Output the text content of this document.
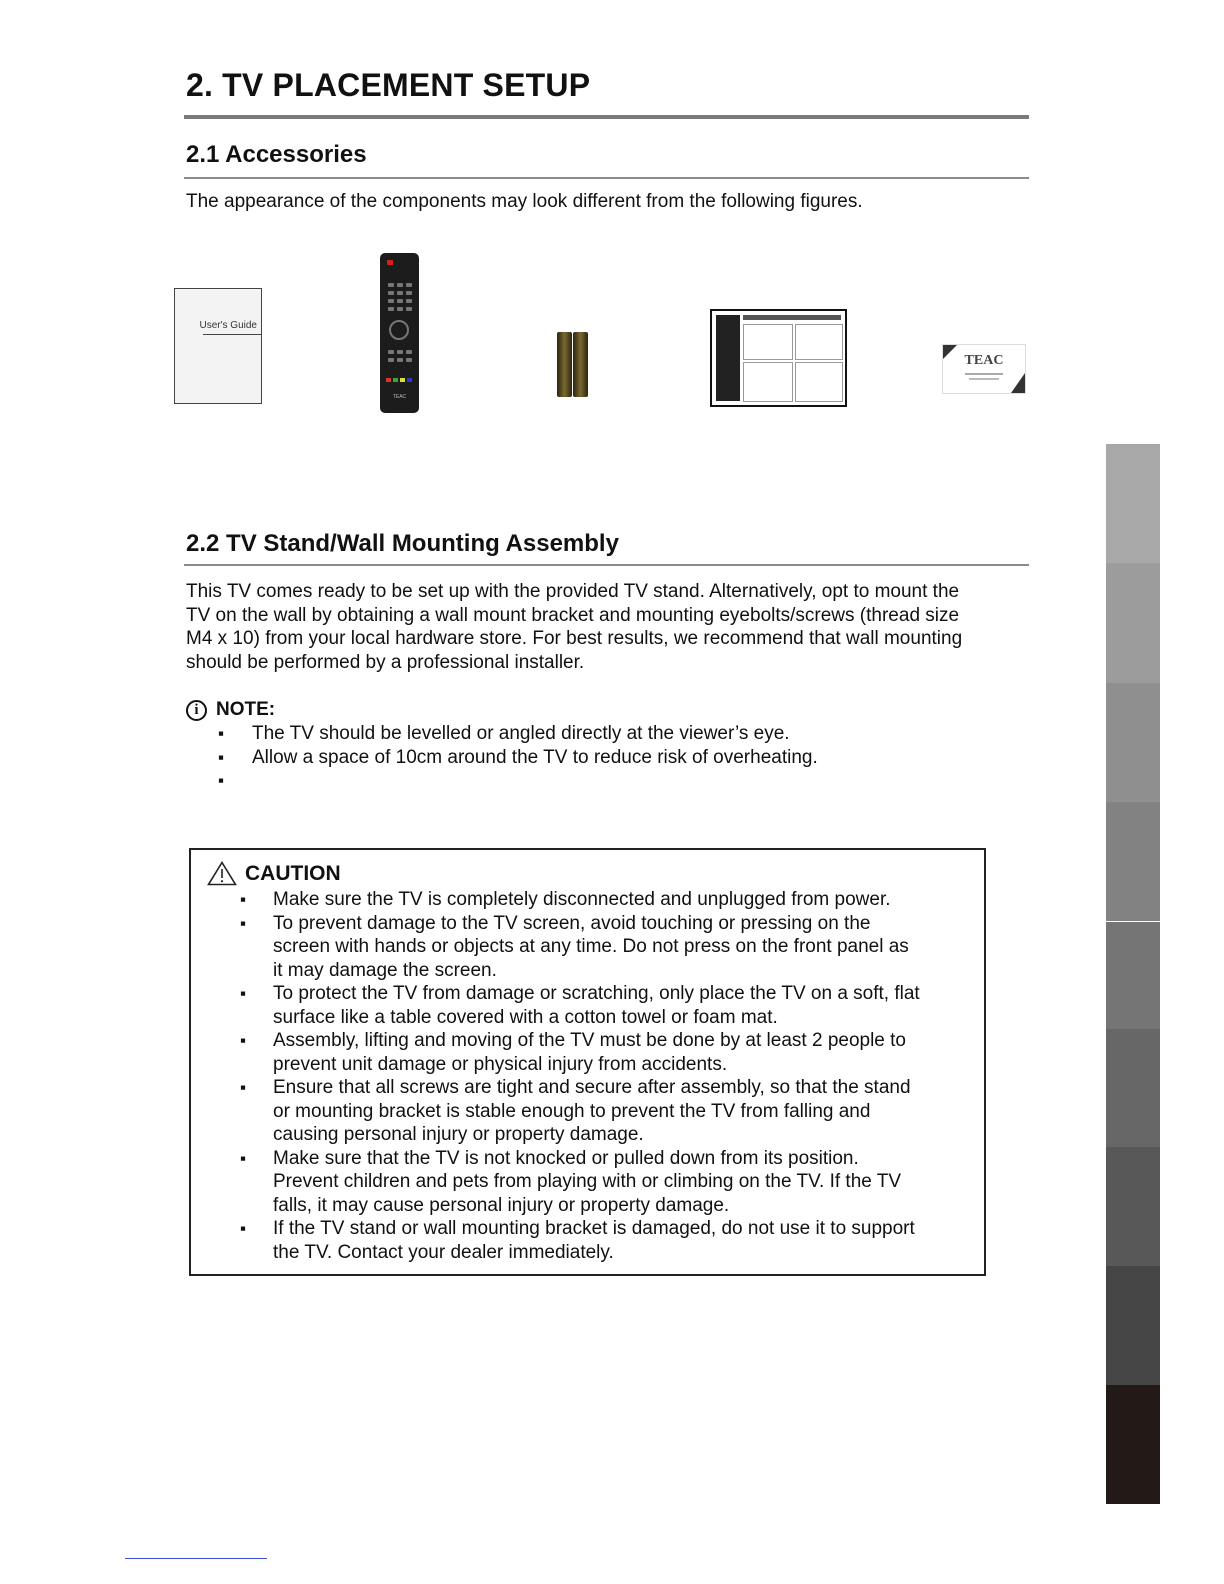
2. TV PLACEMENT SETUP
2.1 Accessories
The appearance of the components may look different from the following figures.
User's Guide
TEAC
TEAC
2.2 TV Stand/Wall Mounting Assembly
This TV comes ready to be set up with the provided TV stand. Alternatively, opt to mount the
TV on the wall by obtaining a wall mount bracket and mounting eyebolts/screws (thread size
M4 x 10) from your local hardware store. For best results, we recommend that wall mounting
should be performed by a professional installer.
i NOTE:
▪ The TV should be levelled or angled directly at the viewer’s eye.
▪ Allow a space of 10cm around the TV to reduce risk of overheating.
▪
CAUTION
▪ Make sure the TV is completely disconnected and unplugged from power.
▪ To prevent damage to the TV screen, avoid touching or pressing on the
screen with hands or objects at any time. Do not press on the front panel as
it may damage the screen.
▪ To protect the TV from damage or scratching, only place the TV on a soft, flat
surface like a table covered with a cotton towel or foam mat.
▪ Assembly, lifting and moving of the TV must be done by at least 2 people to
prevent unit damage or physical injury from accidents.
▪ Ensure that all screws are tight and secure after assembly, so that the stand
or mounting bracket is stable enough to prevent the TV from falling and
causing personal injury or property damage.
▪ Make sure that the TV is not knocked or pulled down from its position.
Prevent children and pets from playing with or climbing on the TV. If the TV
falls, it may cause personal injury or property damage.
▪ If the TV stand or wall mounting bracket is damaged, do not use it to support
the TV. Contact your dealer immediately.
